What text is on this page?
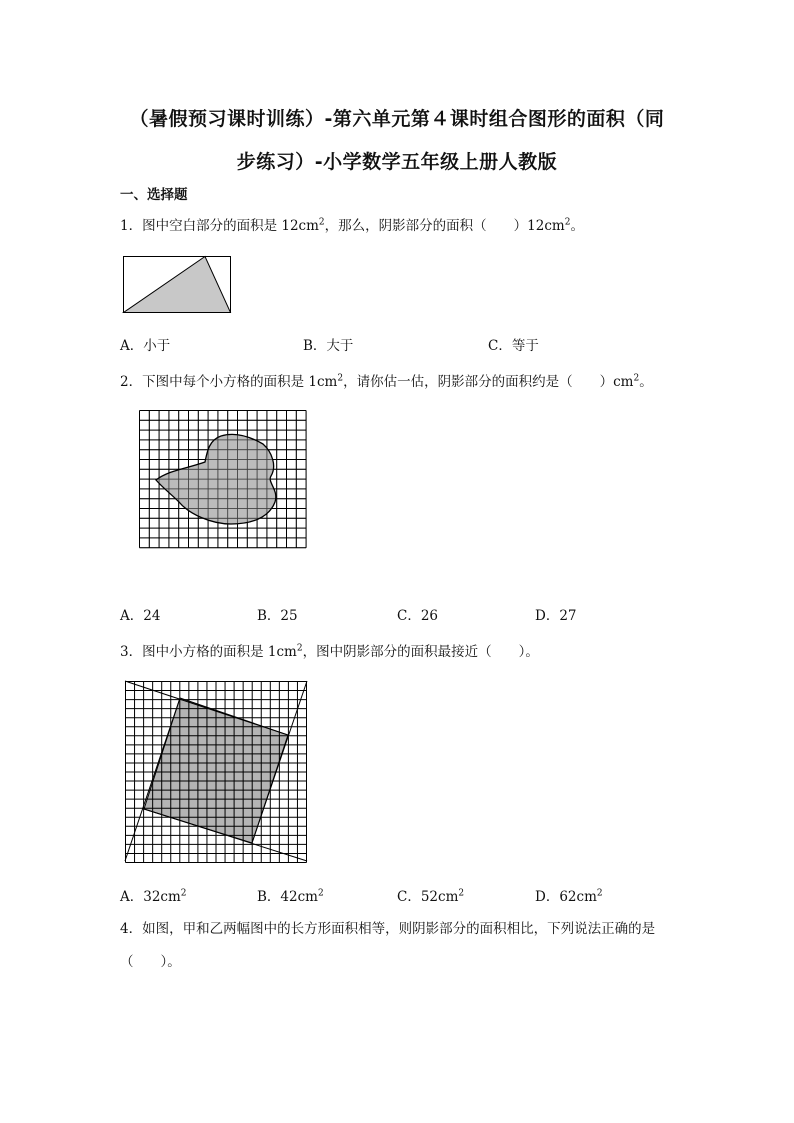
（暑假预习课时训练）-第六单元第４课时组合图形的面积（同
步练习）-小学数学五年级上册人教版
一、选择题
1．图中空白部分的面积是 $12cm^2$，那么，阴影部分的面积（　　）$12cm^2$。
A．小于	B．大于	C．等于
2．下图中每个小方格的面积是 $1cm^2$，请你估一估，阴影部分的面积约是（　　）$cm^2$。
A．24	B．25	C．26	D．27
3．图中小方格的面积是 $1cm^2$，图中阴影部分的面积最接近（　　）。
A．$32cm^2$	B．$42cm^2$	C．$52cm^2$	D．$62cm^2$
4．如图，甲和乙两幅图中的长方形面积相等，则阴影部分的面积相比，下列说法正确的是
（　　）。
